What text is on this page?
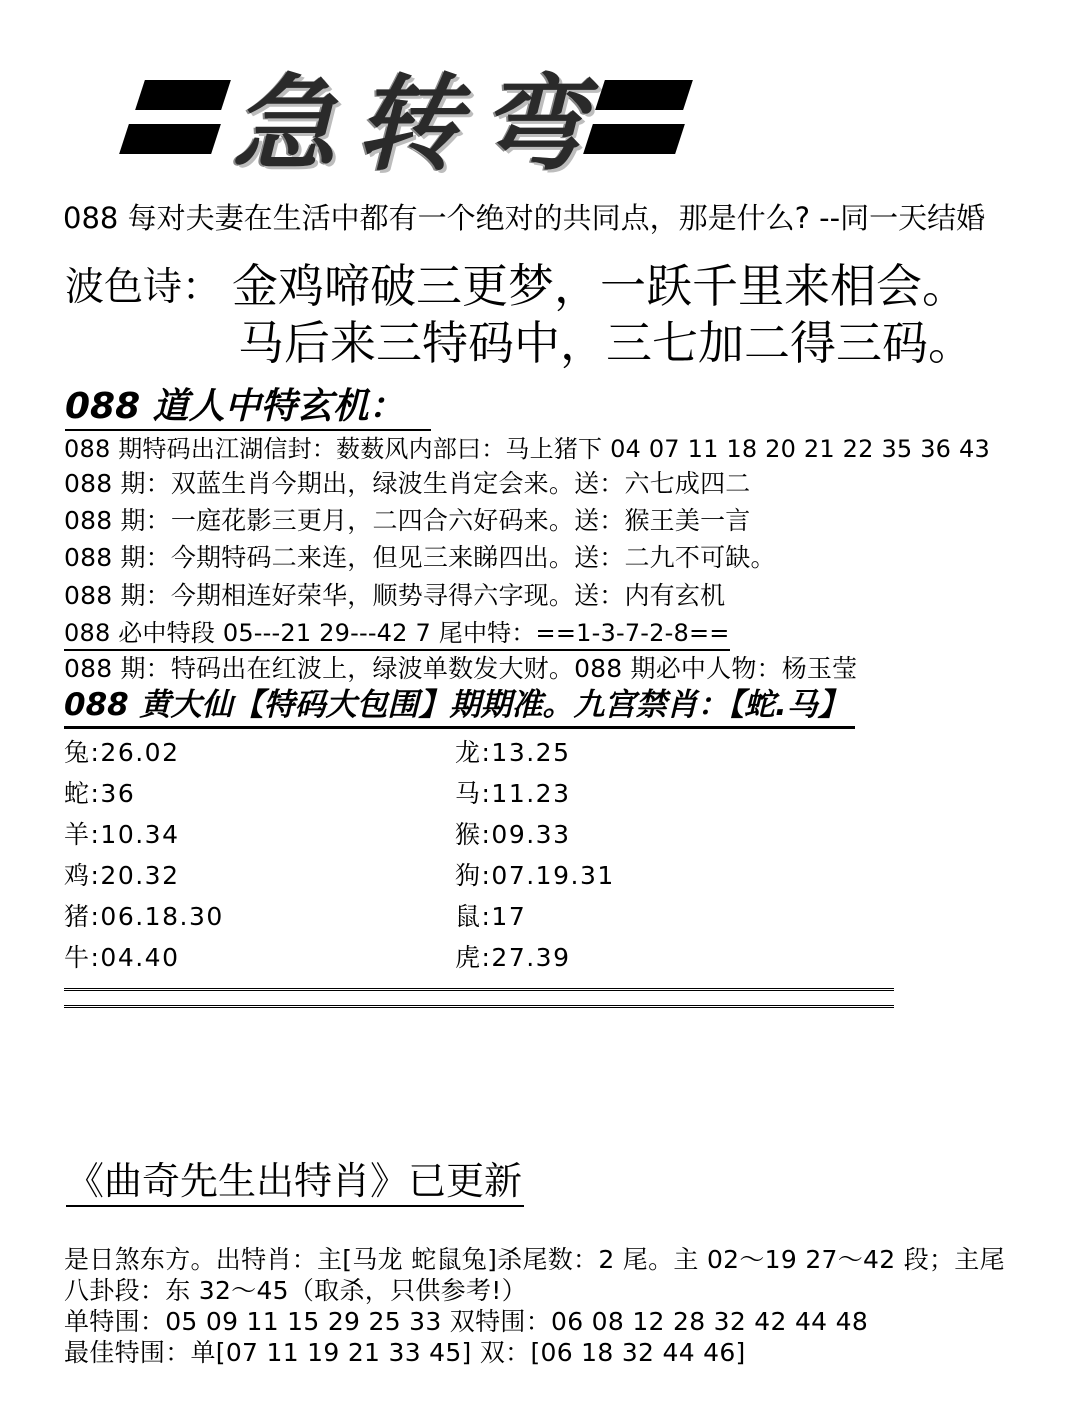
急 转 弯
088 每对夫妻在生活中都有一个绝对的共同点，那是什么? --同一天结婚
波色诗： 金鸡啼破三更梦，一跃千里来相会。
马后来三特码中，三七加二得三码。
088 道人中特玄机：
088 期特码出江湖信封：薮薮风内部曰：马上猪下 04 07 11 18 20 21 22 35 36 43
088 期：双蓝生肖今期出，绿波生肖定会来。送：六七成四二
088 期：一庭花影三更月，二四合六好码来。送：猴王美一言
088 期：今期特码二来连，但见三来睇四出。送：二九不可缺。
088 期：今期相连好荣华，顺势寻得六字现。送：内有玄机
088 必中特段 05---21 29---42 7 尾中特：==1-3-7-2-8==
088 期：特码出在红波上，绿波单数发大财。088 期必中人物：杨玉莹
088 黄大仙【特码大包围】期期准。九宫禁肖：【蛇.马】
兔:26.02
蛇:36
羊:10.34
鸡:20.32
猪:06.18.30
牛:04.40
龙:13.25
马:11.23
猴:09.33
狗:07.19.31
鼠:17
虎:27.39
《曲奇先生出特肖》已更新
是日煞东方。出特肖：主[马龙 蛇鼠兔]杀尾数：2 尾。主 02～19 27～42 段；主尾
八卦段：东 32～45（取杀，只供参考!）
单特围：05 09 11 15 29 25 33 双特围：06 08 12 28 32 42 44 48
最佳特围：单[07 11 19 21 33 45] 双：[06 18 32 44 46]
